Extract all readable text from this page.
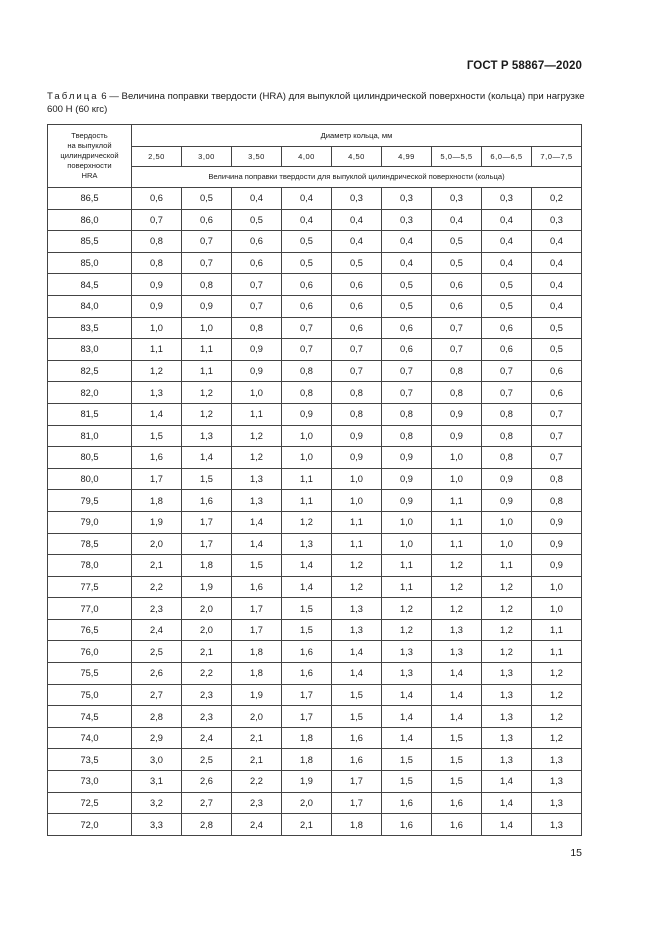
ГОСТ Р 58867—2020
Таблица 6 — Величина поправки твердости (HRA) для выпуклой цилиндрической поверхности (кольца) при нагрузке 600 Н (60 кгс)
Твердость
на выпуклой
цилиндрической
поверхности
HRA	Диаметр кольца, мм								
	2,50	3,00	3,50	4,00	4,50	4,99	5,0—5,5	6,0—6,5	7,0—7,5
	Величина поправки твердости для выпуклой цилиндрической поверхности (кольца)								
86,5	0,6	0,5	0,4	0,4	0,3	0,3	0,3	0,3	0,2
86,0	0,7	0,6	0,5	0,4	0,4	0,3	0,4	0,4	0,3
85,5	0,8	0,7	0,6	0,5	0,4	0,4	0,5	0,4	0,4
85,0	0,8	0,7	0,6	0,5	0,5	0,4	0,5	0,4	0,4
84,5	0,9	0,8	0,7	0,6	0,6	0,5	0,6	0,5	0,4
84,0	0,9	0,9	0,7	0,6	0,6	0,5	0,6	0,5	0,4
83,5	1,0	1,0	0,8	0,7	0,6	0,6	0,7	0,6	0,5
83,0	1,1	1,1	0,9	0,7	0,7	0,6	0,7	0,6	0,5
82,5	1,2	1,1	0,9	0,8	0,7	0,7	0,8	0,7	0,6
82,0	1,3	1,2	1,0	0,8	0,8	0,7	0,8	0,7	0,6
81,5	1,4	1,2	1,1	0,9	0,8	0,8	0,9	0,8	0,7
81,0	1,5	1,3	1,2	1,0	0,9	0,8	0,9	0,8	0,7
80,5	1,6	1,4	1,2	1,0	0,9	0,9	1,0	0,8	0,7
80,0	1,7	1,5	1,3	1,1	1,0	0,9	1,0	0,9	0,8
79,5	1,8	1,6	1,3	1,1	1,0	0,9	1,1	0,9	0,8
79,0	1,9	1,7	1,4	1,2	1,1	1,0	1,1	1,0	0,9
78,5	2,0	1,7	1,4	1,3	1,1	1,0	1,1	1,0	0,9
78,0	2,1	1,8	1,5	1,4	1,2	1,1	1,2	1,1	0,9
77,5	2,2	1,9	1,6	1,4	1,2	1,1	1,2	1,2	1,0
77,0	2,3	2,0	1,7	1,5	1,3	1,2	1,2	1,2	1,0
76,5	2,4	2,0	1,7	1,5	1,3	1,2	1,3	1,2	1,1
76,0	2,5	2,1	1,8	1,6	1,4	1,3	1,3	1,2	1,1
75,5	2,6	2,2	1,8	1,6	1,4	1,3	1,4	1,3	1,2
75,0	2,7	2,3	1,9	1,7	1,5	1,4	1,4	1,3	1,2
74,5	2,8	2,3	2,0	1,7	1,5	1,4	1,4	1,3	1,2
74,0	2,9	2,4	2,1	1,8	1,6	1,4	1,5	1,3	1,2
73,5	3,0	2,5	2,1	1,8	1,6	1,5	1,5	1,3	1,3
73,0	3,1	2,6	2,2	1,9	1,7	1,5	1,5	1,4	1,3
72,5	3,2	2,7	2,3	2,0	1,7	1,6	1,6	1,4	1,3
72,0	3,3	2,8	2,4	2,1	1,8	1,6	1,6	1,4	1,3
15
